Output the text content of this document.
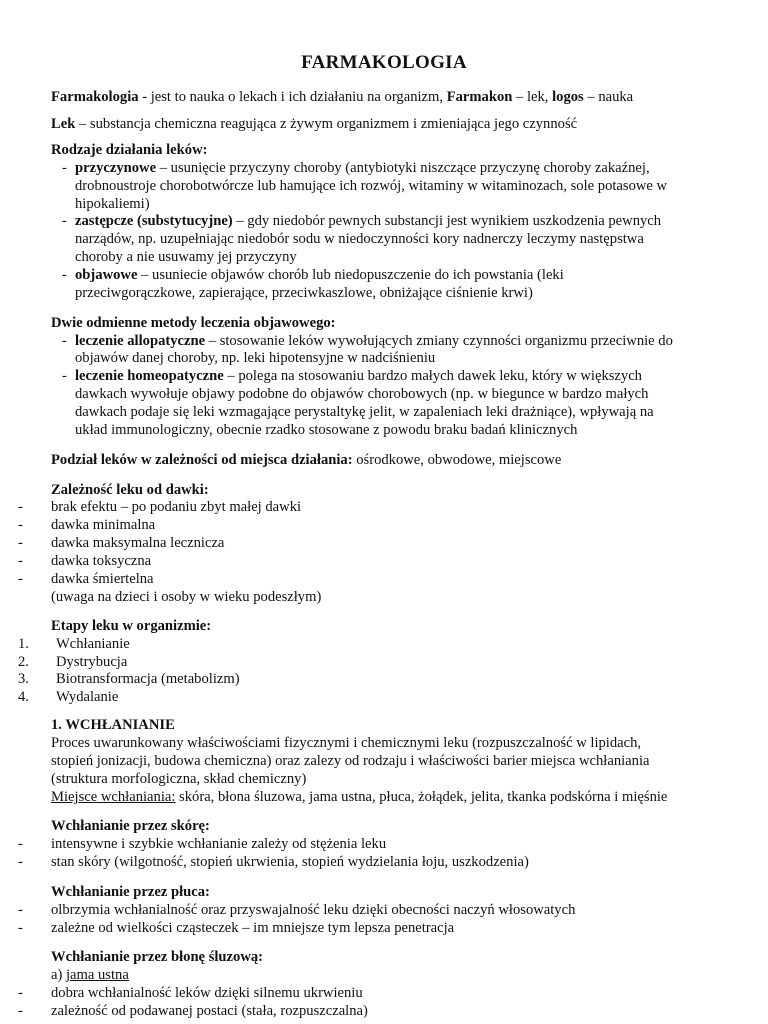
FARMAKOLOGIA
Farmakologia - jest to nauka o lekach i ich działaniu na organizm, Farmakon – lek, logos – nauka
Lek – substancja chemiczna reagująca z żywym organizmem i zmieniająca jego czynność
Rodzaje działania leków:
- przyczynowe – usunięcie przyczyny choroby (antybiotyki niszczące przyczynę choroby zakaźnej,
drobnoustroje chorobotwórcze lub hamujące ich rozwój, witaminy w witaminozach, sole potasowe w
hipokaliemi)
- zastępcze (substytucyjne) – gdy niedobór pewnych substancji jest wynikiem uszkodzenia pewnych
narządów, np. uzupełniając niedobór sodu w niedoczynności kory nadnerczy leczymy następstwa
choroby a nie usuwamy jej przyczyny
- objawowe – usuniecie objawów chorób lub niedopuszczenie do ich powstania (leki
przeciwgorączkowe, zapierające, przeciwkaszlowe, obniżające ciśnienie krwi)
Dwie odmienne metody leczenia objawowego:
- leczenie allopatyczne – stosowanie leków wywołujących zmiany czynności organizmu przeciwnie do
objawów danej choroby, np. leki hipotensyjne w nadciśnieniu
- leczenie homeopatyczne – polega na stosowaniu bardzo małych dawek leku, który w większych
dawkach wywołuje objawy podobne do objawów chorobowych (np. w biegunce w bardzo małych
dawkach podaje się leki wzmagające perystaltykę jelit, w zapaleniach leki drażniące), wpływają na
układ immunologiczny, obecnie rzadko stosowane z powodu braku badań klinicznych
Podział leków w zależności od miejsca działania: ośrodkowe, obwodowe, miejscowe
Zależność leku od dawki:
- brak efektu – po podaniu zbyt małej dawki
- dawka minimalna
- dawka maksymalna lecznicza
- dawka toksyczna
- dawka śmiertelna
(uwaga na dzieci i osoby w wieku podeszłym)
Etapy leku w organizmie:
1. Wchłanianie
2. Dystrybucja
3. Biotransformacja (metabolizm)
4. Wydalanie
1. WCHŁANIANIE
Proces uwarunkowany właściwościami fizycznymi i chemicznymi leku (rozpuszczalność w lipidach,
stopień jonizacji, budowa chemiczna) oraz zalezy od rodzaju i właściwości barier miejsca wchłaniania
(struktura morfologiczna, skład chemiczny)
Miejsce wchłaniania: skóra, błona śluzowa, jama ustna, płuca, żołądek, jelita, tkanka podskórna i mięśnie
Wchłanianie przez skórę:
- intensywne i szybkie wchłanianie zależy od stężenia leku
- stan skóry (wilgotność, stopień ukrwienia, stopień wydzielania łoju, uszkodzenia)
Wchłanianie przez płuca:
- olbrzymia wchłanialność oraz przyswajalność leku dzięki obecności naczyń włosowatych
- zależne od wielkości cząsteczek – im mniejsze tym lepsza penetracja
Wchłanianie przez błonę śluzową:
a) jama ustna
- dobra wchłanialność leków dzięki silnemu ukrwieniu
- zależność od podawanej postaci (stała, rozpuszczalna)
